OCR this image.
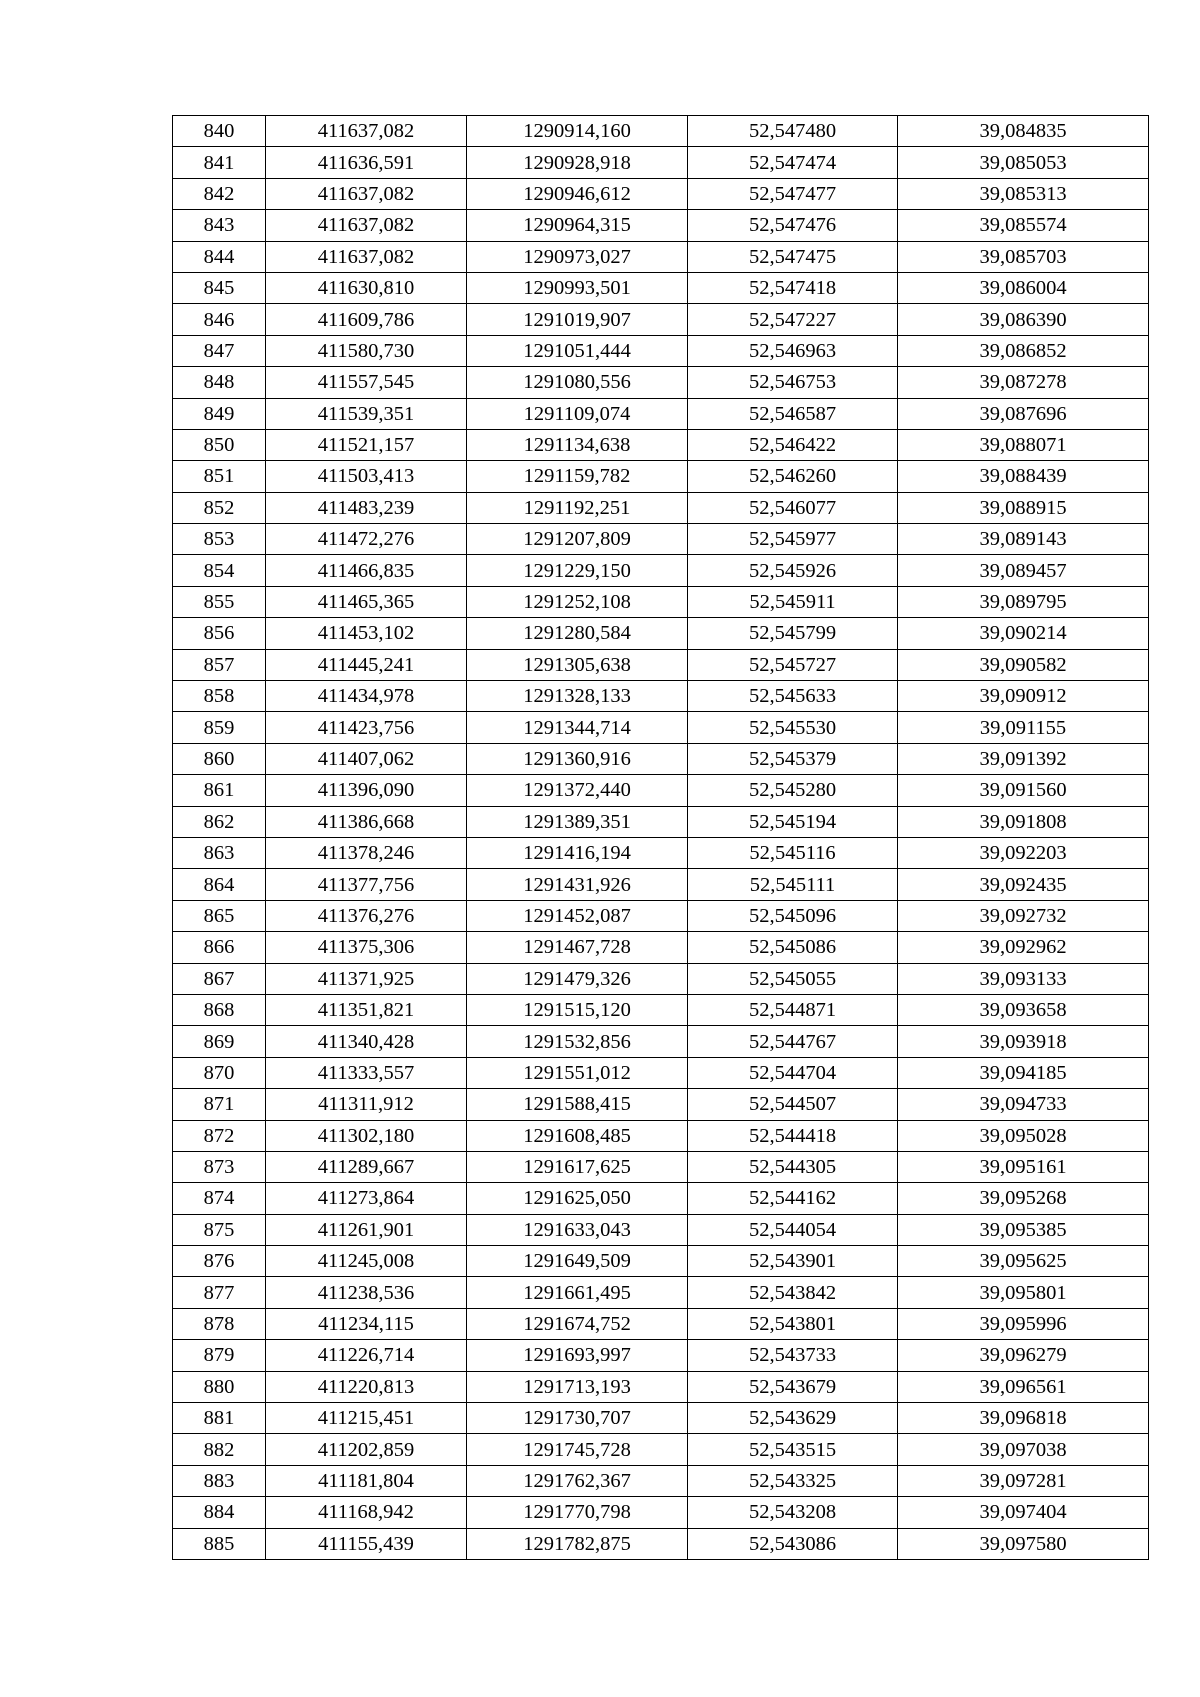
840	411637,082	1290914,160	52,547480	39,084835
841	411636,591	1290928,918	52,547474	39,085053
842	411637,082	1290946,612	52,547477	39,085313
843	411637,082	1290964,315	52,547476	39,085574
844	411637,082	1290973,027	52,547475	39,085703
845	411630,810	1290993,501	52,547418	39,086004
846	411609,786	1291019,907	52,547227	39,086390
847	411580,730	1291051,444	52,546963	39,086852
848	411557,545	1291080,556	52,546753	39,087278
849	411539,351	1291109,074	52,546587	39,087696
850	411521,157	1291134,638	52,546422	39,088071
851	411503,413	1291159,782	52,546260	39,088439
852	411483,239	1291192,251	52,546077	39,088915
853	411472,276	1291207,809	52,545977	39,089143
854	411466,835	1291229,150	52,545926	39,089457
855	411465,365	1291252,108	52,545911	39,089795
856	411453,102	1291280,584	52,545799	39,090214
857	411445,241	1291305,638	52,545727	39,090582
858	411434,978	1291328,133	52,545633	39,090912
859	411423,756	1291344,714	52,545530	39,091155
860	411407,062	1291360,916	52,545379	39,091392
861	411396,090	1291372,440	52,545280	39,091560
862	411386,668	1291389,351	52,545194	39,091808
863	411378,246	1291416,194	52,545116	39,092203
864	411377,756	1291431,926	52,545111	39,092435
865	411376,276	1291452,087	52,545096	39,092732
866	411375,306	1291467,728	52,545086	39,092962
867	411371,925	1291479,326	52,545055	39,093133
868	411351,821	1291515,120	52,544871	39,093658
869	411340,428	1291532,856	52,544767	39,093918
870	411333,557	1291551,012	52,544704	39,094185
871	411311,912	1291588,415	52,544507	39,094733
872	411302,180	1291608,485	52,544418	39,095028
873	411289,667	1291617,625	52,544305	39,095161
874	411273,864	1291625,050	52,544162	39,095268
875	411261,901	1291633,043	52,544054	39,095385
876	411245,008	1291649,509	52,543901	39,095625
877	411238,536	1291661,495	52,543842	39,095801
878	411234,115	1291674,752	52,543801	39,095996
879	411226,714	1291693,997	52,543733	39,096279
880	411220,813	1291713,193	52,543679	39,096561
881	411215,451	1291730,707	52,543629	39,096818
882	411202,859	1291745,728	52,543515	39,097038
883	411181,804	1291762,367	52,543325	39,097281
884	411168,942	1291770,798	52,543208	39,097404
885	411155,439	1291782,875	52,543086	39,097580
